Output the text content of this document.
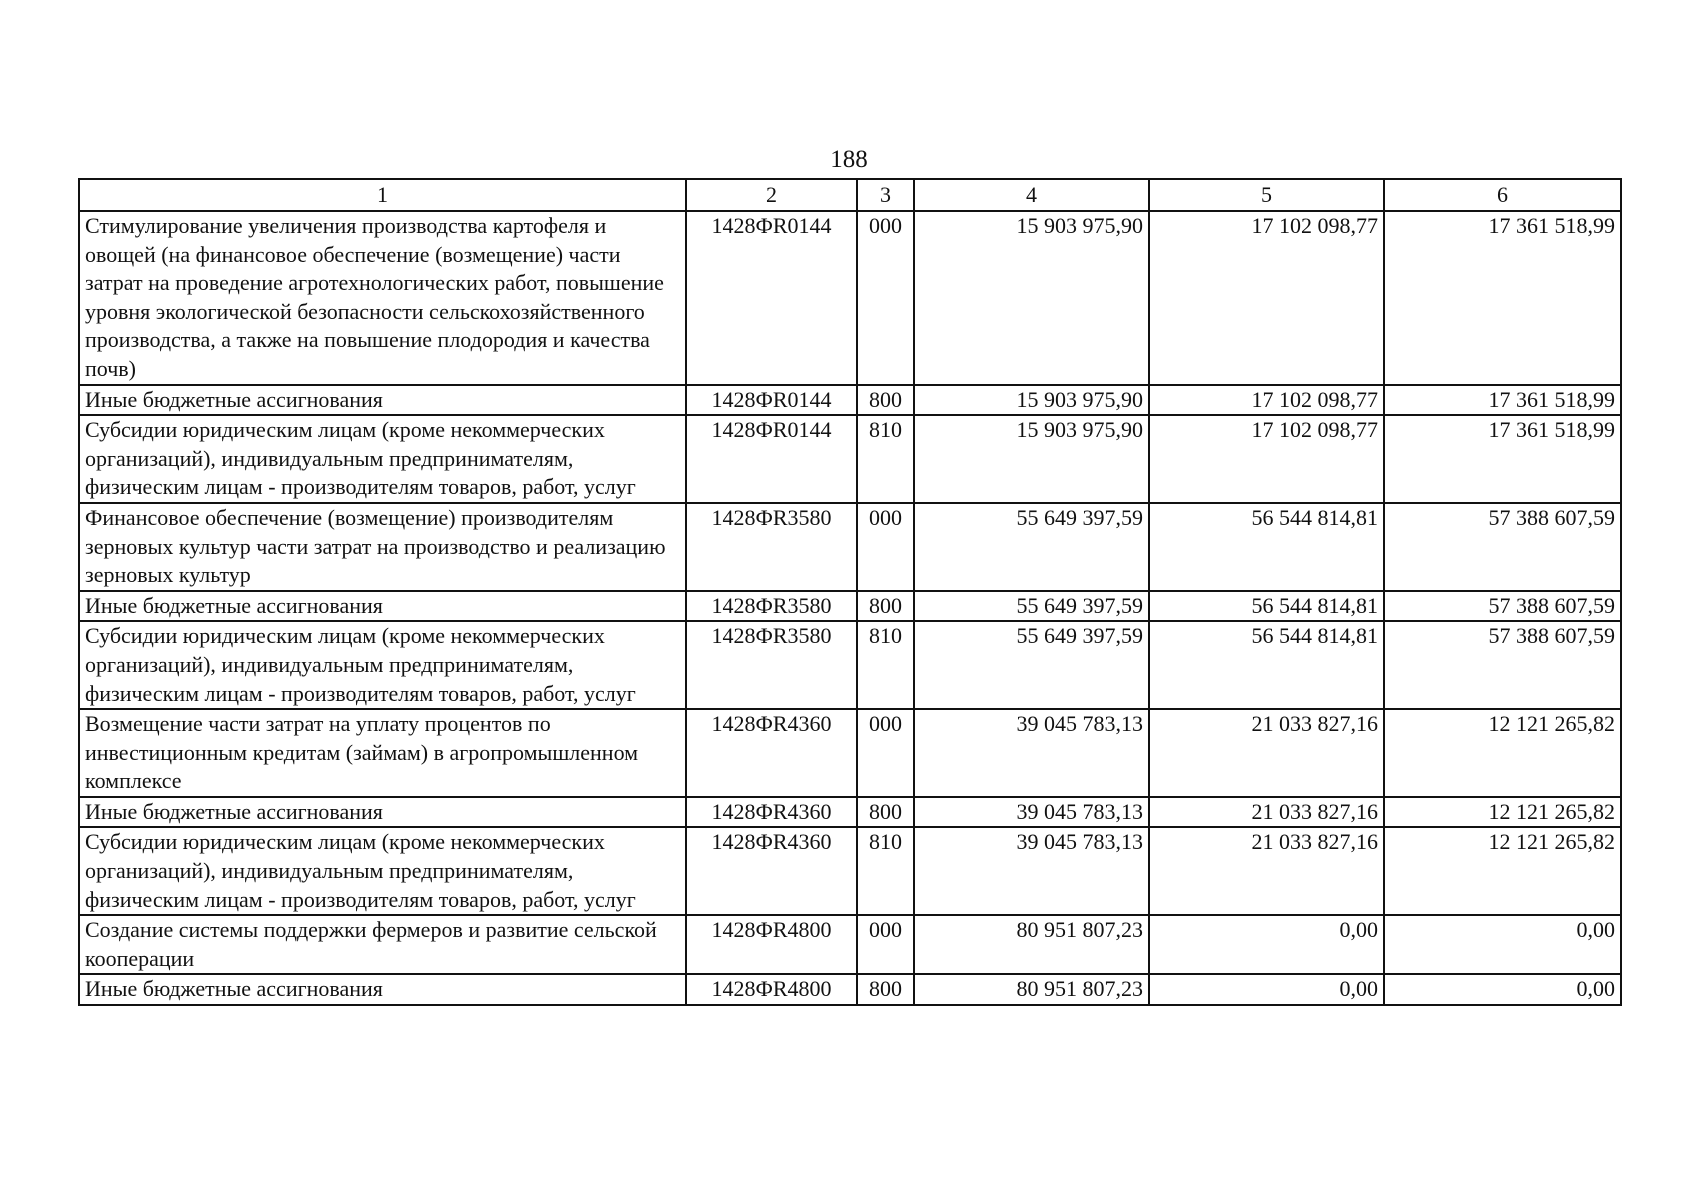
188
1	2	3	4	5	6
Стимулирование увеличения производства картофеля и овощей (на финансовое обеспечение (возмещение) части затрат на проведение агротехнологических работ, повышение уровня экологической безопасности сельскохозяйственного производства, а также на повышение плодородия и качества почв)	1428ФR0144	000	15 903 975,90	17 102 098,77	17 361 518,99
Иные бюджетные ассигнования	1428ФR0144	800	15 903 975,90	17 102 098,77	17 361 518,99
Субсидии юридическим лицам (кроме некоммерческих организаций), индивидуальным предпринимателям, физическим лицам - производителям товаров, работ, услуг	1428ФR0144	810	15 903 975,90	17 102 098,77	17 361 518,99
Финансовое обеспечение (возмещение) производителям зерновых культур части затрат на производство и реализацию зерновых культур	1428ФR3580	000	55 649 397,59	56 544 814,81	57 388 607,59
Иные бюджетные ассигнования	1428ФR3580	800	55 649 397,59	56 544 814,81	57 388 607,59
Субсидии юридическим лицам (кроме некоммерческих организаций), индивидуальным предпринимателям, физическим лицам - производителям товаров, работ, услуг	1428ФR3580	810	55 649 397,59	56 544 814,81	57 388 607,59
Возмещение части затрат на уплату процентов по инвестиционным кредитам (займам) в агропромышленном комплексе	1428ФR4360	000	39 045 783,13	21 033 827,16	12 121 265,82
Иные бюджетные ассигнования	1428ФR4360	800	39 045 783,13	21 033 827,16	12 121 265,82
Субсидии юридическим лицам (кроме некоммерческих организаций), индивидуальным предпринимателям, физическим лицам - производителям товаров, работ, услуг	1428ФR4360	810	39 045 783,13	21 033 827,16	12 121 265,82
Создание системы поддержки фермеров и развитие сельской кооперации	1428ФR4800	000	80 951 807,23	0,00	0,00
Иные бюджетные ассигнования	1428ФR4800	800	80 951 807,23	0,00	0,00
